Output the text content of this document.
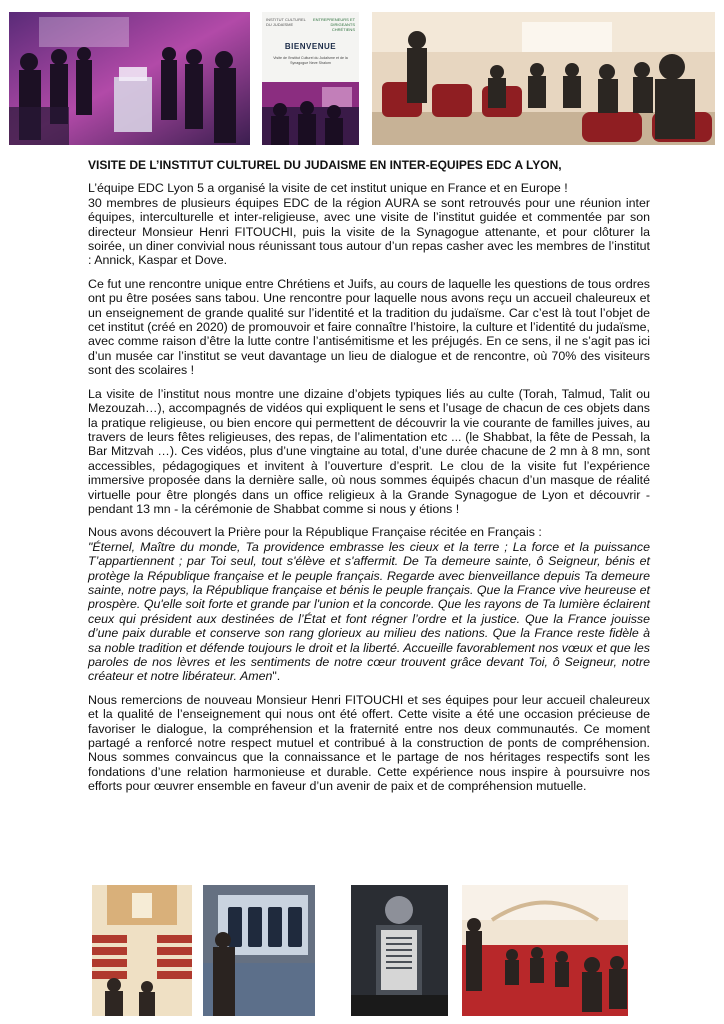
INSTITUT CULTUREL DU JUDAÏSME
ENTREPRENEURS ET DIRIGEANTS CHRÉTIENS
BIENVENUE
Visite de l'Institut Culturel du Judaïsme et de la Synagogue Neve Shalom

VISITE DE L’INSTITUT CULTUREL DU JUDAISME EN INTER-EQUIPES EDC A LYON,

L’équipe EDC Lyon 5 a organisé la visite de cet institut unique en France et en Europe !
30 membres de plusieurs équipes EDC de la région AURA se sont retrouvés pour une réunion inter équipes, interculturelle et inter-religieuse, avec une visite de l’institut guidée et commentée par son directeur Monsieur Henri FITOUCHI, puis la visite de la Synagogue attenante, et pour clôturer la soirée, un diner convivial nous réunissant tous autour d’un repas casher avec les membres de l’institut : Annick, Kaspar et Dove.

Ce fut une rencontre unique entre Chrétiens et Juifs, au cours de laquelle les questions de tous ordres ont pu être posées sans tabou. Une rencontre pour laquelle nous avons reçu un accueil chaleureux et un enseignement de grande qualité sur l’identité et la tradition du judaïsme. Car c’est là tout l’objet de cet institut (créé en 2020) de promouvoir et faire connaître l’histoire, la culture et l’identité du judaïsme, avec comme raison d’être la lutte contre l’antisémitisme et les préjugés. En ce sens, il ne s’agit pas ici d’un musée car l’institut se veut davantage un lieu de dialogue et de rencontre, où 70% des visiteurs sont des scolaires !

La visite de l’institut nous montre une dizaine d’objets typiques liés au culte (Torah, Talmud, Talit ou Mezouzah…), accompagnés de vidéos qui expliquent le sens et l’usage de chacun de ces objets dans la pratique religieuse, ou bien encore qui permettent de découvrir la vie courante de familles juives, au travers de leurs fêtes religieuses, des repas, de l’alimentation etc ... (le Shabbat, la fête de Pessah, la Bar Mitzvah …). Ces vidéos, plus d’une vingtaine au total, d’une durée chacune de 2 mn à 8 mn, sont accessibles, pédagogiques et invitent à l’ouverture d’esprit. Le clou de la visite fut l’expérience immersive proposée dans la dernière salle, où nous sommes équipés chacun d’un masque de réalité virtuelle pour être plongés dans un office religieux à la Grande Synagogue de Lyon et découvrir - pendant 13 mn - la cérémonie de Shabbat comme si nous y étions !

Nous avons découvert la Prière pour la République Française récitée en Français :
"Éternel, Maître du monde, Ta providence embrasse les cieux et la terre ; La force et la puissance T’appartiennent ; par Toi seul, tout s'élève et s'affermit. De Ta demeure sainte, ô Seigneur, bénis et protège la République française et le peuple français. Regarde avec bienveillance depuis Ta demeure sainte, notre pays, la République française et bénis le peuple français. Que la France vive heureuse et prospère. Qu'elle soit forte et grande par l'union et la concorde. Que les rayons de Ta lumière éclairent ceux qui président aux destinées de l’État et font régner l’ordre et la justice. Que la France jouisse d’une paix durable et conserve son rang glorieux au milieu des nations. Que la France reste fidèle à sa noble tradition et défende toujours le droit et la liberté. Accueille favorablement nos vœux et que les paroles de nos lèvres et les sentiments de notre cœur trouvent grâce devant Toi, ô Seigneur, notre créateur et notre libérateur. Amen".

Nous remercions de nouveau Monsieur Henri FITOUCHI et ses équipes pour leur accueil chaleureux et la qualité de l’enseignement qui nous ont été offert. Cette visite a été une occasion précieuse de favoriser le dialogue, la compréhension et la fraternité entre nos deux communautés. Ce moment partagé a renforcé notre respect mutuel et contribué à la construction de ponts de compréhension. Nous sommes convaincus que la connaissance et le partage de nos héritages respectifs sont les fondations d’une relation harmonieuse et durable. Cette expérience nous inspire à poursuivre nos efforts pour œuvrer ensemble en faveur d’un avenir de paix et de compréhension mutuelle.
